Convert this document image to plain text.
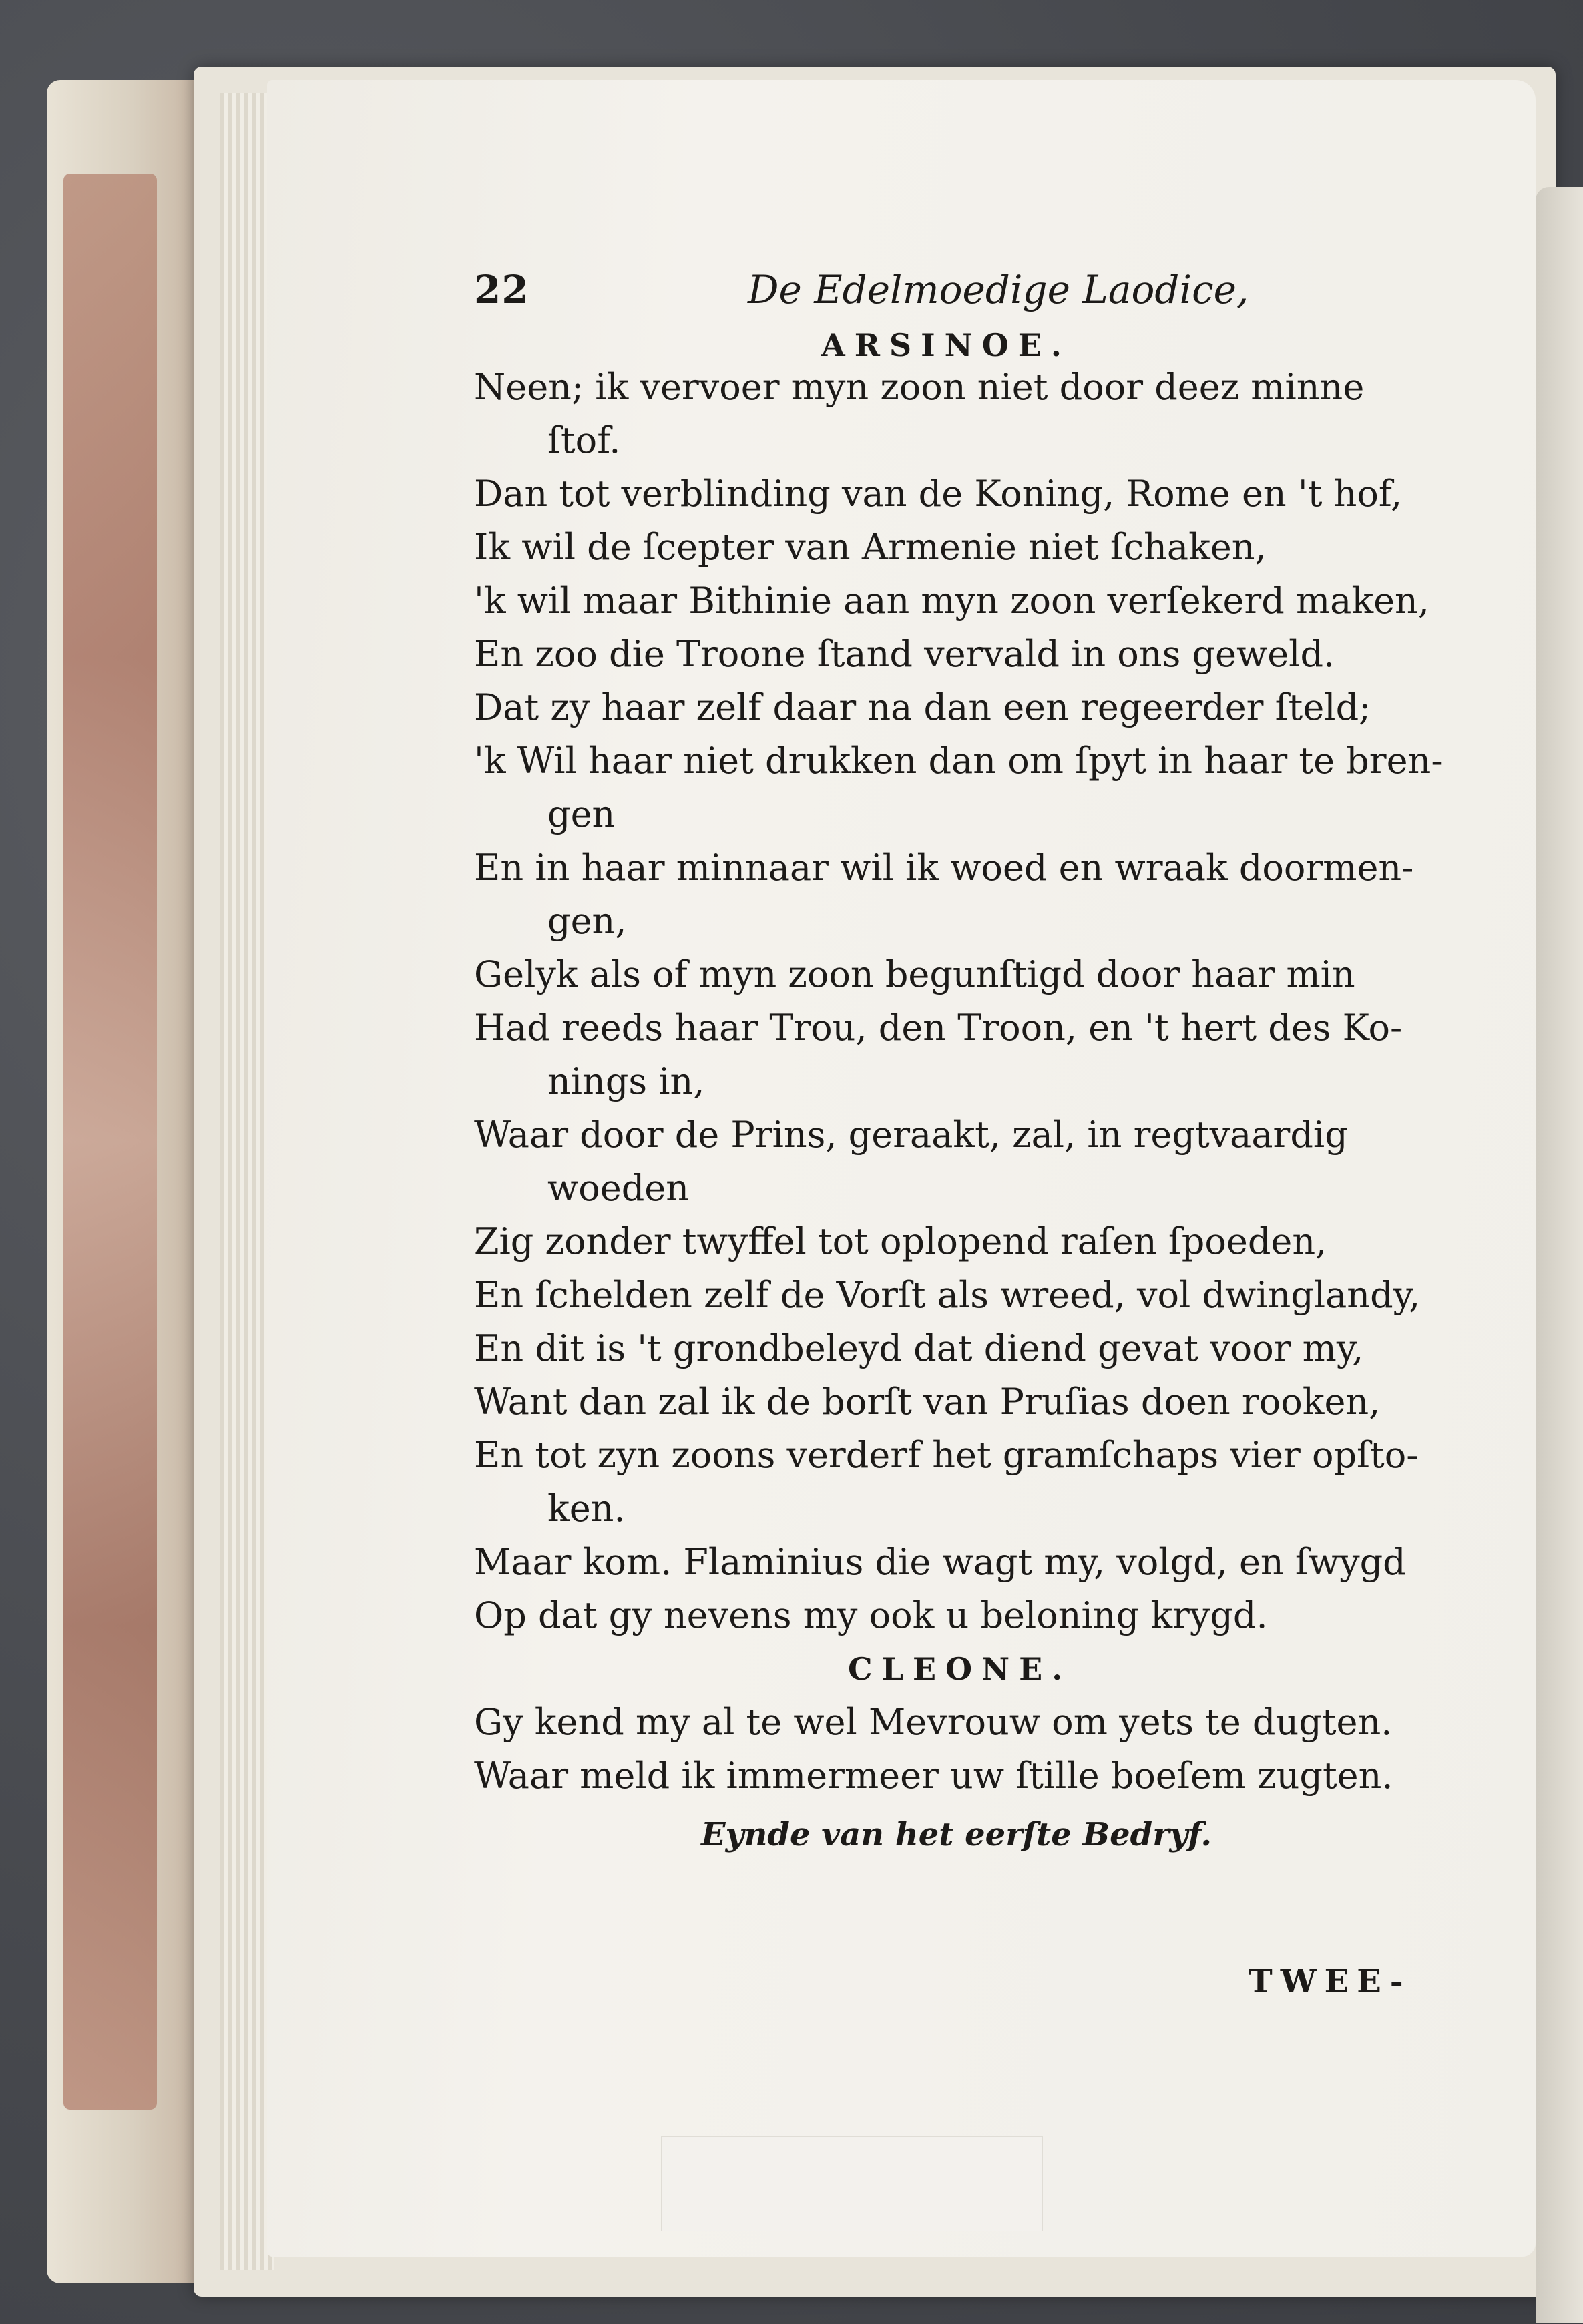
22	De Edelmoedige Laodice,
ARSINOE.
Neen; ik vervoer myn zoon niet door deez minne
ſtof.
Dan tot verblinding van de Koning, Rome en 't hof,
Ik wil de ſcepter van Armenie niet ſchaken,
'k wil maar Bithinie aan myn zoon verſekerd maken,
En zoo die Troone ſtand vervald in ons geweld.
Dat zy haar zelf daar na dan een regeerder ſteld;
'k Wil haar niet drukken dan om ſpyt in haar te bren-
gen
En in haar minnaar wil ik woed en wraak doormen-
gen,
Gelyk als of myn zoon begunſtigd door haar min
Had reeds haar Trou, den Troon, en 't hert des Ko-
nings in,
Waar door de Prins, geraakt, zal, in regtvaardig
woeden
Zig zonder twyffel tot oplopend raſen ſpoeden,
En ſchelden zelf de Vorſt als wreed, vol dwinglandy,
En dit is 't grondbeleyd dat diend gevat voor my,
Want dan zal ik de borſt van Pruſias doen rooken,
En tot zyn zoons verderf het gramſchaps vier opſto-
ken.
Maar kom. Flaminius die wagt my, volgd, en ſwygd
Op dat gy nevens my ook u beloning krygd.
CLEONE.
Gy kend my al te wel Mevrouw om yets te dugten.
Waar meld ik immermeer uw ſtille boeſem zugten.
Eynde van het eerſte Bedryf.
TWEE-
